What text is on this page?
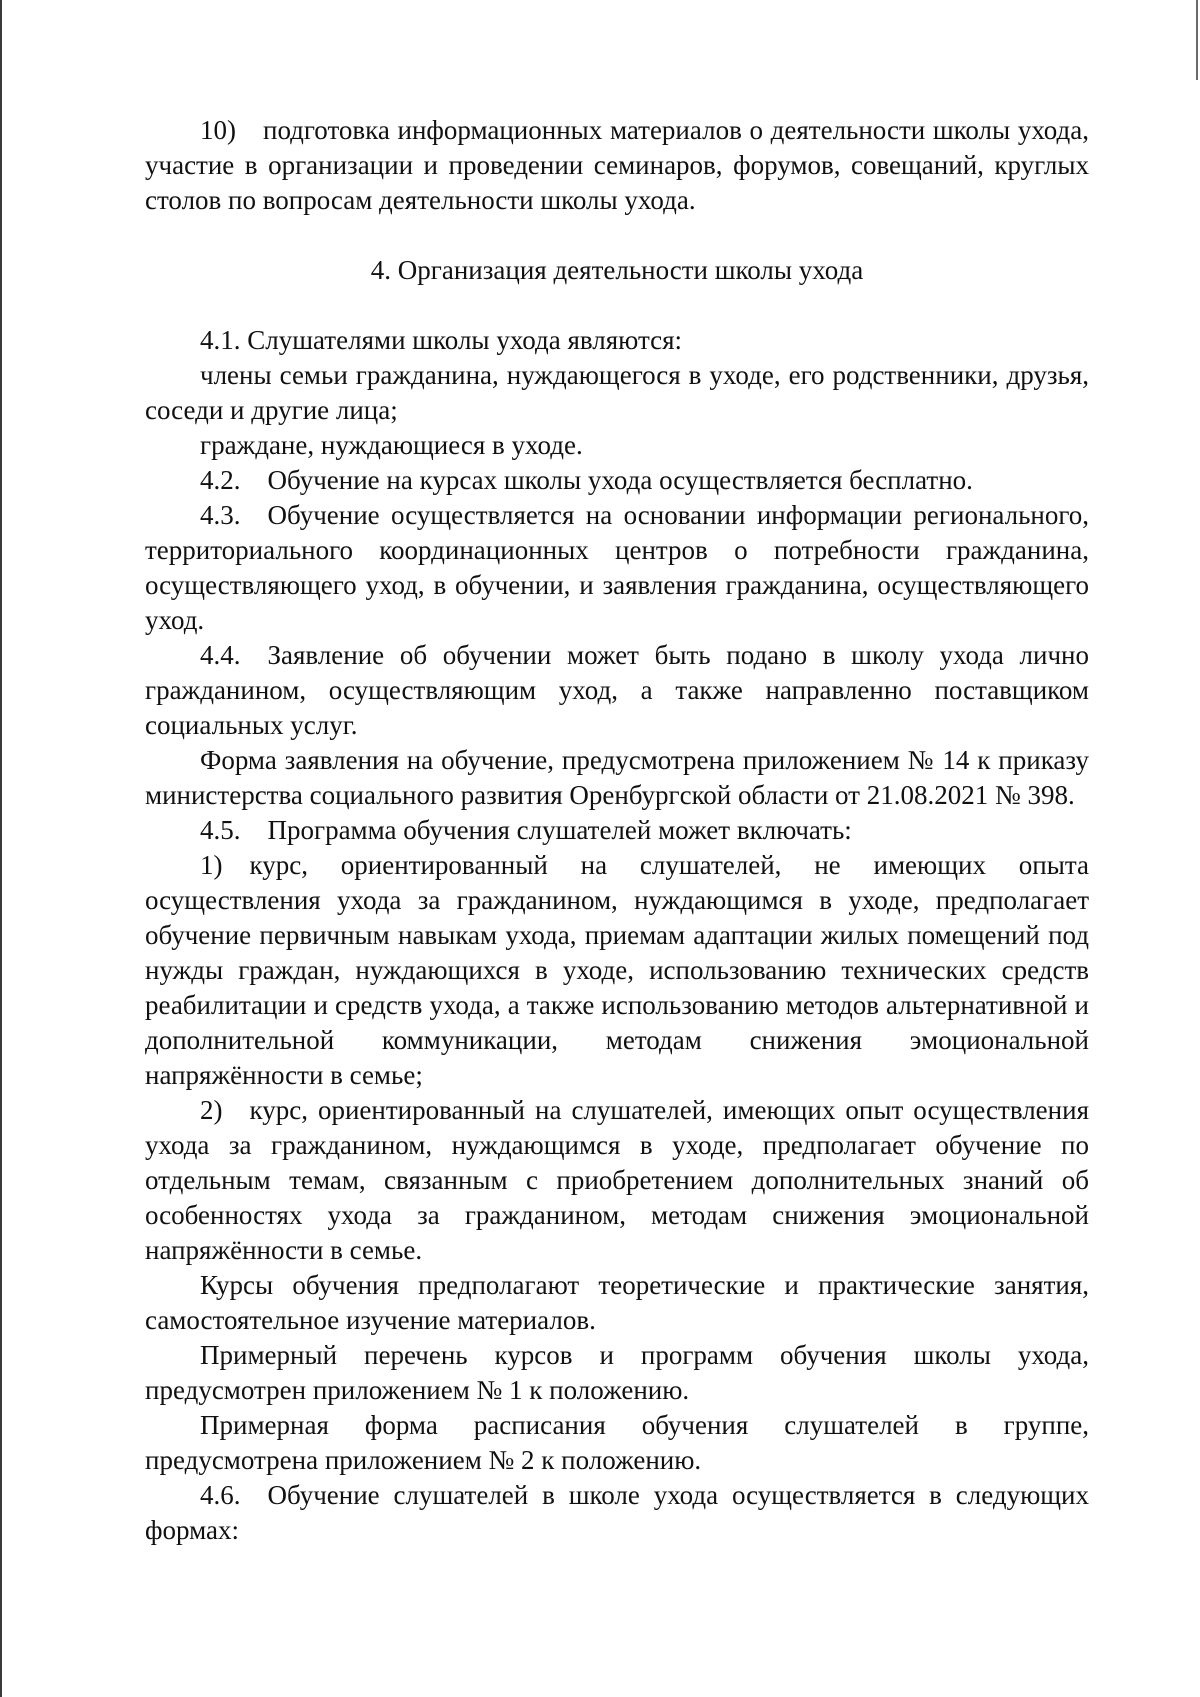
10) подготовка информационных материалов о деятельности школы ухода, участие в организации и проведении семинаров, форумов, совещаний, круглых столов по вопросам деятельности школы ухода.

4. Организация деятельности школы ухода

4.1. Слушателями школы ухода являются:

члены семьи гражданина, нуждающегося в уходе, его родственники, друзья, соседи и другие лица;

граждане, нуждающиеся в уходе.

4.2. Обучение на курсах школы ухода осуществляется бесплатно.

4.3. Обучение осуществляется на основании информации регионального, территориального координационных центров о потребности гражданина, осуществляющего уход, в обучении, и заявления гражданина, осуществляющего уход.

4.4. Заявление об обучении может быть подано в школу ухода лично гражданином, осуществляющим уход, а также направленно поставщиком социальных услуг.

Форма заявления на обучение, предусмотрена приложением № 14 к приказу министерства социального развития Оренбургской области от 21.08.2021 № 398.

4.5. Программа обучения слушателей может включать:

1) курс, ориентированный на слушателей, не имеющих опыта осуществления ухода за гражданином, нуждающимся в уходе, предполагает обучение первичным навыкам ухода, приемам адаптации жилых помещений под нужды граждан, нуждающихся в уходе, использованию технических средств реабилитации и средств ухода, а также использованию методов альтернативной и дополнительной коммуникации, методам снижения эмоциональной напряжённости в семье;

2) курс, ориентированный на слушателей, имеющих опыт осуществления ухода за гражданином, нуждающимся в уходе, предполагает обучение по отдельным темам, связанным с приобретением дополнительных знаний об особенностях ухода за гражданином, методам снижения эмоциональной напряжённости в семье.

Курсы обучения предполагают теоретические и практические занятия, самостоятельное изучение материалов.

Примерный перечень курсов и программ обучения школы ухода, предусмотрен приложением № 1 к положению.

Примерная форма расписания обучения слушателей в группе, предусмотрена приложением № 2 к положению.

4.6. Обучение слушателей в школе ухода осуществляется в следующих формах:
